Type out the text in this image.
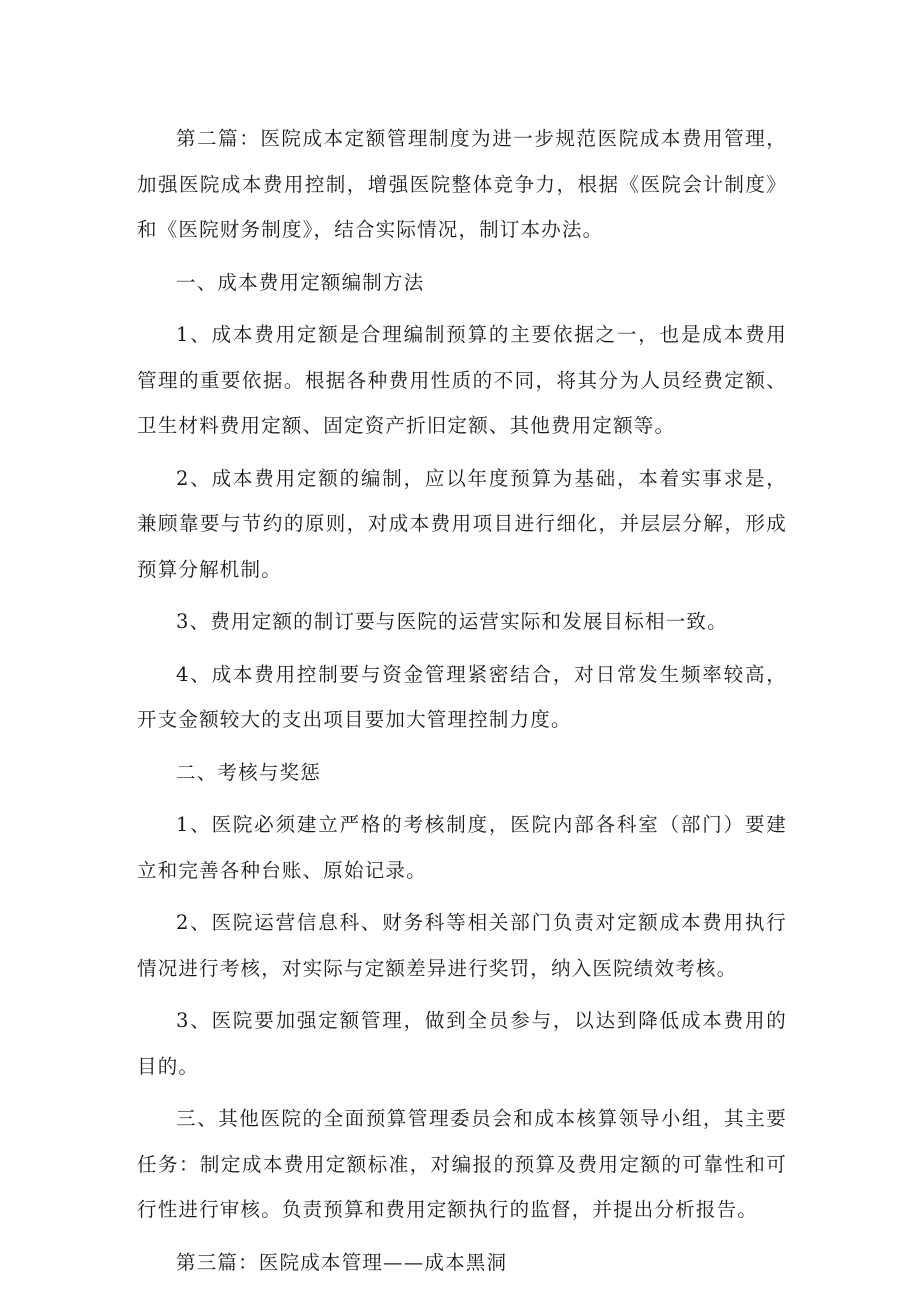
第二篇：医院成本定额管理制度为进一步规范医院成本费用管理，加强医院成本费用控制，增强医院整体竞争力，根据《医院会计制度》和《医院财务制度》，结合实际情况，制订本办法。

一、成本费用定额编制方法

1、成本费用定额是合理编制预算的主要依据之一，也是成本费用管理的重要依据。根据各种费用性质的不同，将其分为人员经费定额、卫生材料费用定额、固定资产折旧定额、其他费用定额等。

2、成本费用定额的编制，应以年度预算为基础，本着实事求是，兼顾靠要与节约的原则，对成本费用项目进行细化，并层层分解，形成预算分解机制。

3、费用定额的制订要与医院的运营实际和发展目标相一致。

4、成本费用控制要与资金管理紧密结合，对日常发生频率较高，开支金额较大的支出项目要加大管理控制力度。

二、考核与奖惩

1、医院必须建立严格的考核制度，医院内部各科室（部门）要建立和完善各种台账、原始记录。

2、医院运营信息科、财务科等相关部门负责对定额成本费用执行情况进行考核，对实际与定额差异进行奖罚，纳入医院绩效考核。

3、医院要加强定额管理，做到全员参与，以达到降低成本费用的目的。

三、其他医院的全面预算管理委员会和成本核算领导小组，其主要任务：制定成本费用定额标准，对编报的预算及费用定额的可靠性和可行性进行审核。负责预算和费用定额执行的监督，并提出分析报告。

第三篇：医院成本管理——成本黑洞
